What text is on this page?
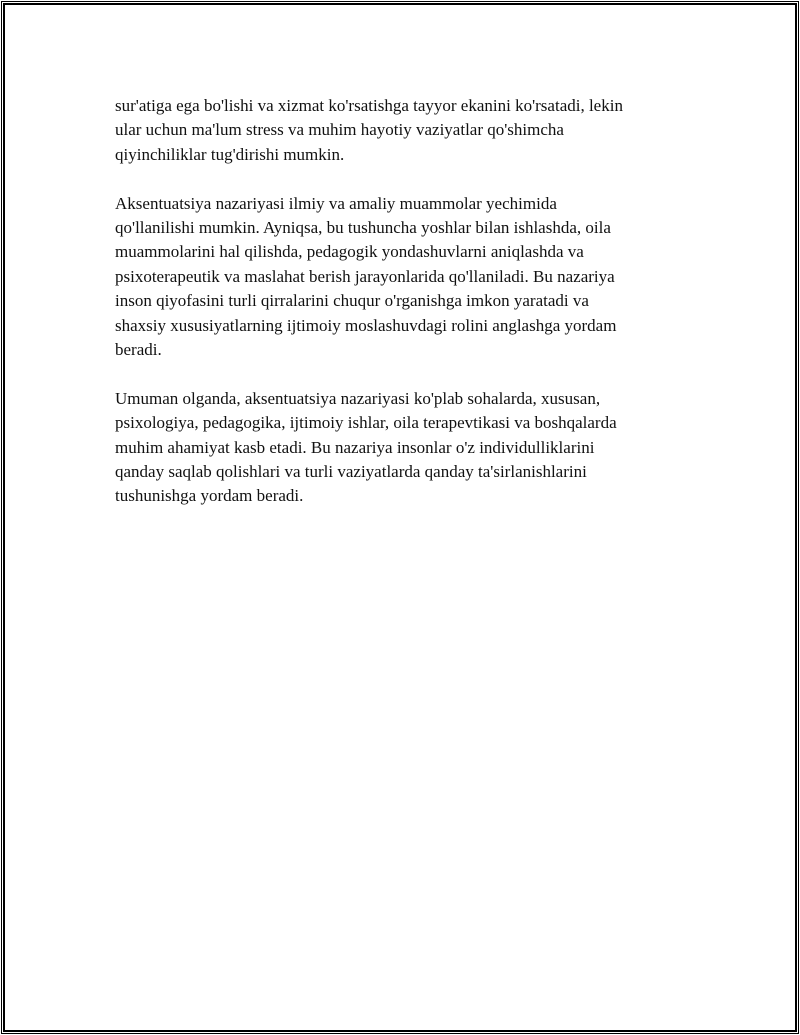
sur'atiga ega bo'lishi va xizmat ko'rsatishga tayyor ekanini ko'rsatadi, lekin
ular uchun ma'lum stress va muhim hayotiy vaziyatlar qo'shimcha
qiyinchiliklar tug'dirishi mumkin.

Aksentuatsiya nazariyasi ilmiy va amaliy muammolar yechimida
qo'llanilishi mumkin. Ayniqsa, bu tushuncha yoshlar bilan ishlashda, oila
muammolarini hal qilishda, pedagogik yondashuvlarni aniqlashda va
psixoterapeutik va maslahat berish jarayonlarida qo'llaniladi. Bu nazariya
inson qiyofasini turli qirralarini chuqur o'rganishga imkon yaratadi va
shaxsiy xususiyatlarning ijtimoiy moslashuvdagi rolini anglashga yordam
beradi.

Umuman olganda, aksentuatsiya nazariyasi ko'plab sohalarda, xususan,
psixologiya, pedagogika, ijtimoiy ishlar, oila terapevtikasi va boshqalarda
muhim ahamiyat kasb etadi. Bu nazariya insonlar o'z individulliklarini
qanday saqlab qolishlari va turli vaziyatlarda qanday ta'sirlanishlarini
tushunishga yordam beradi.
